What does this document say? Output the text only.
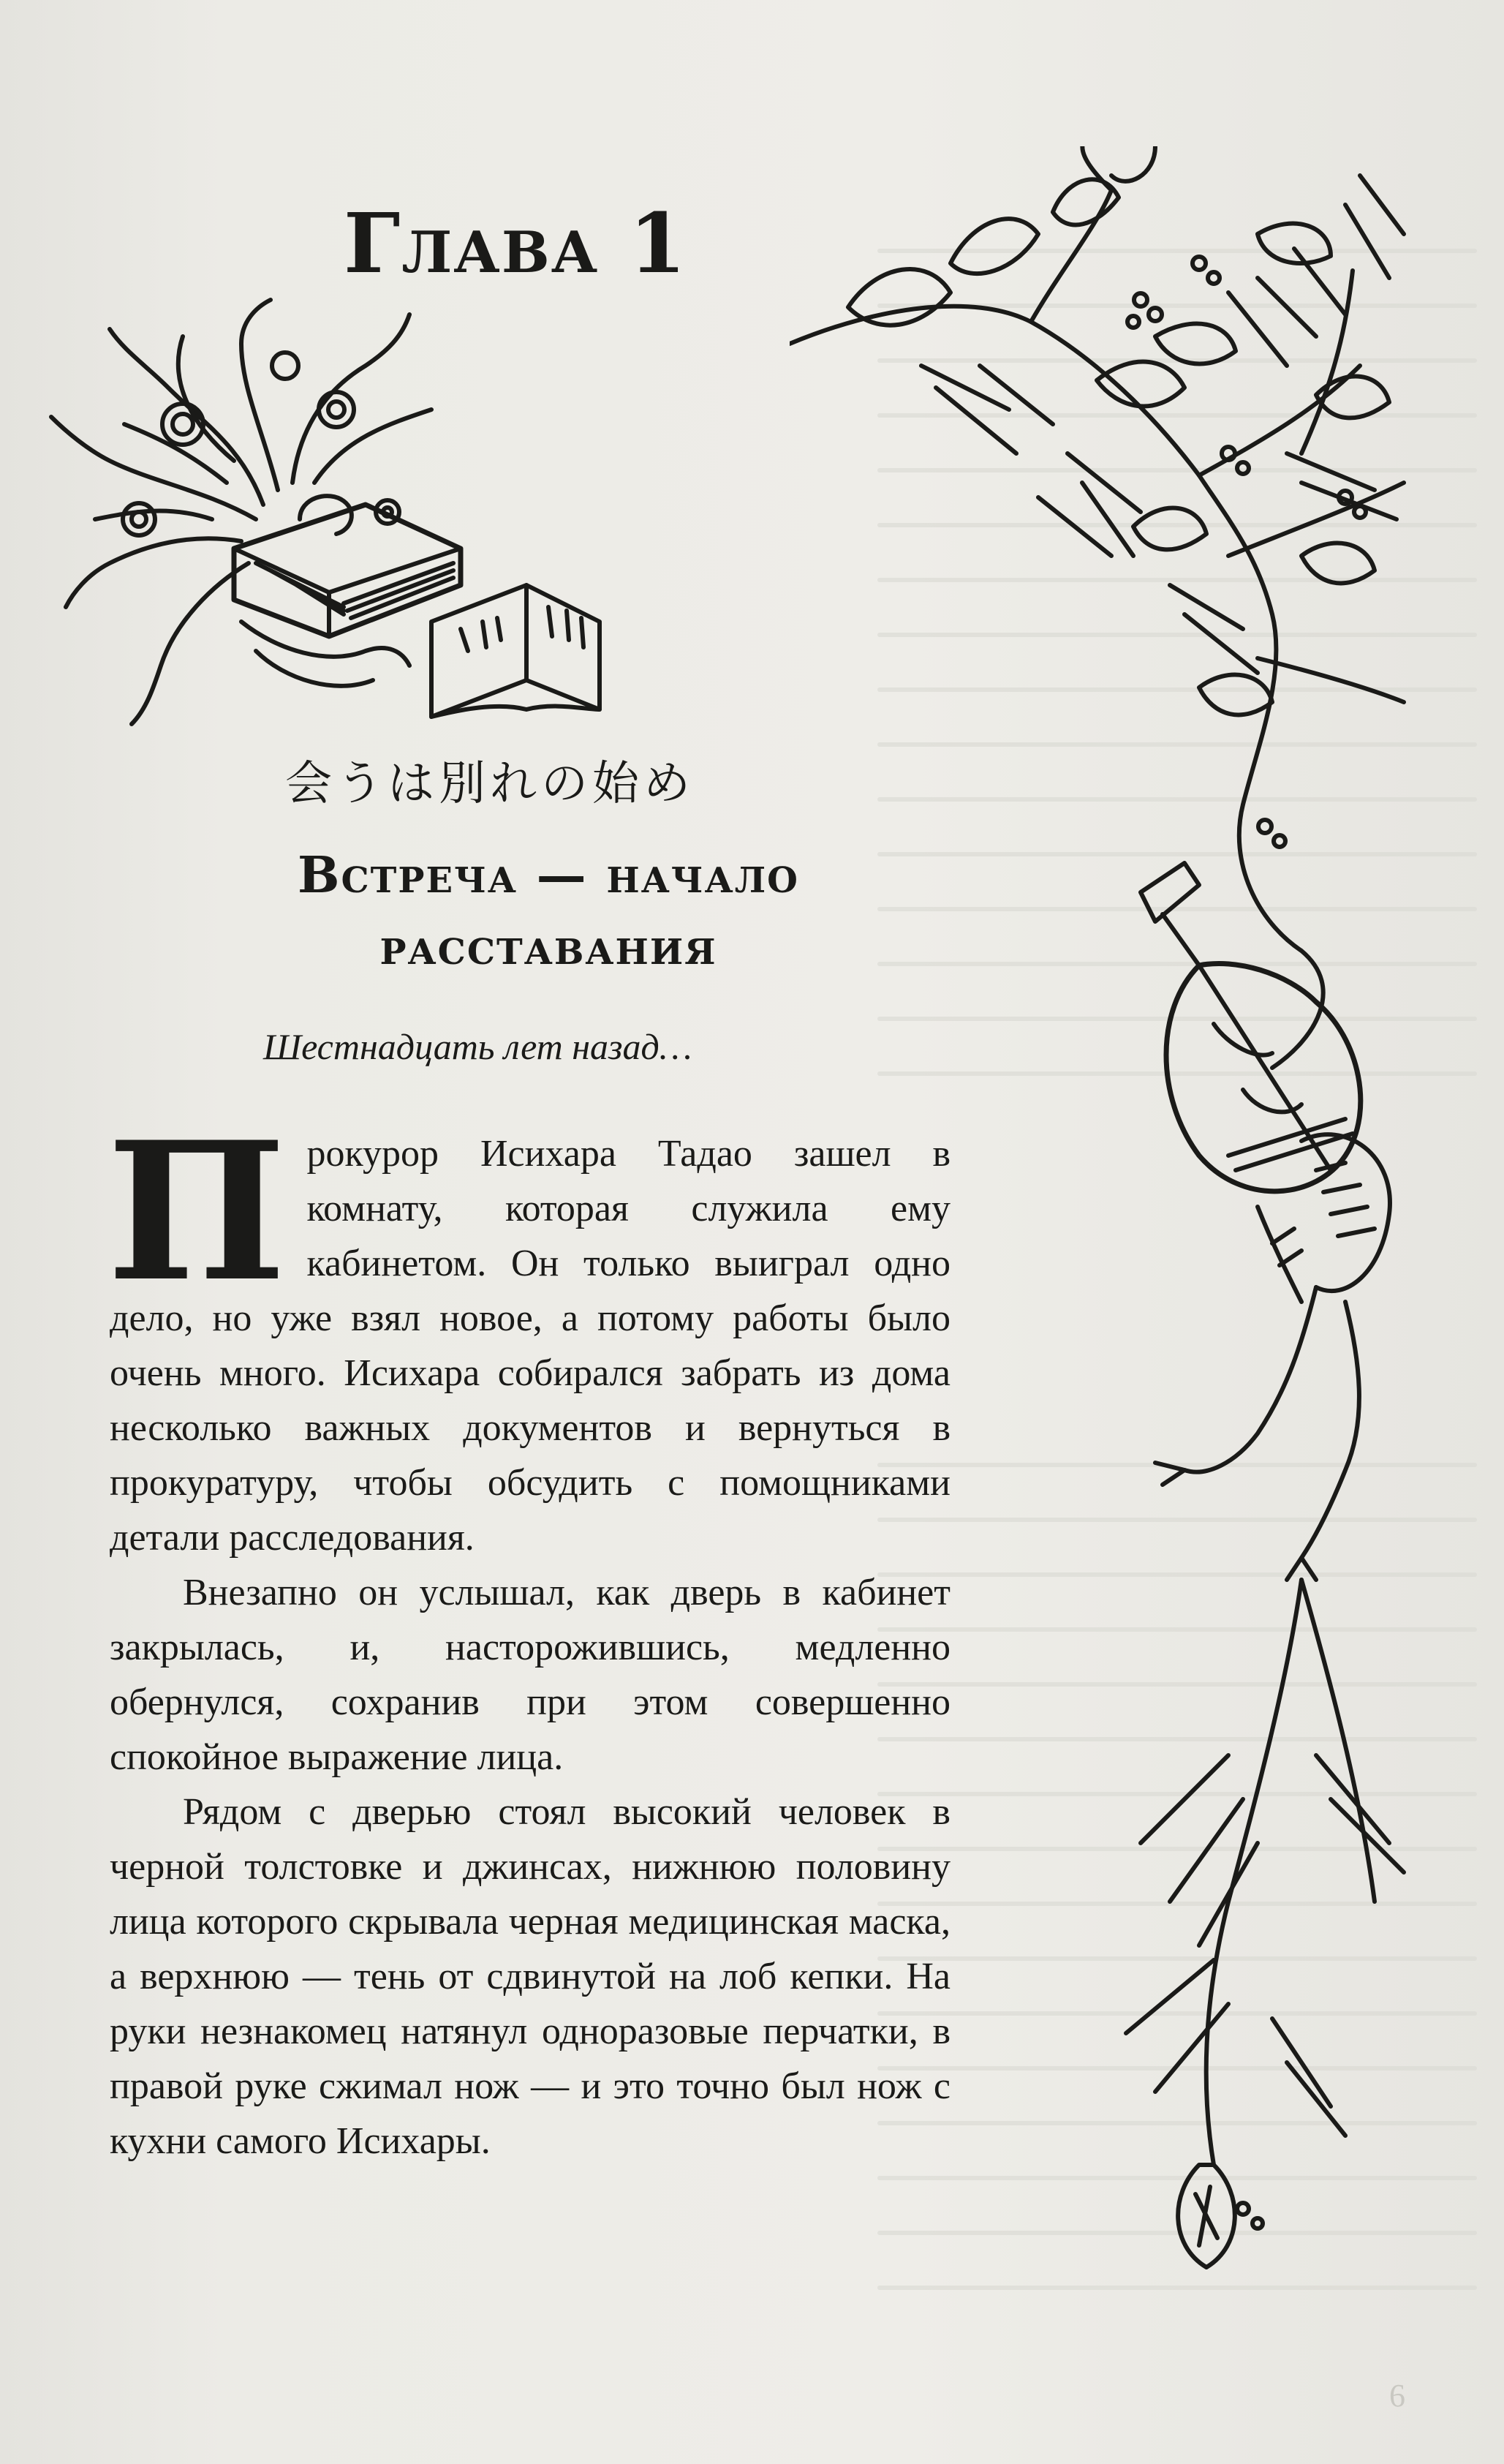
Глава 1
会うは別れの始め
Встреча — начало
расставания
Шестнадцать лет назад…

Прокурор Исихара Тадао зашел в комнату, которая служила ему кабинетом. Он только выиграл одно дело, но уже взял новое, а потому работы было очень много. Исихара собирался забрать из дома несколько важных документов и вернуться в прокуратуру, чтобы обсудить с помощниками детали расследования.

Внезапно он услышал, как дверь в кабинет закрылась, и, насторожившись, медленно обернулся, сохранив при этом совершенно спокойное выражение лица.

Рядом с дверью стоял высокий человек в черной толстовке и джинсах, нижнюю половину лица которого скрывала черная медицинская маска, а верхнюю — тень от сдвинутой на лоб кепки. На руки незнакомец натянул одноразовые перчатки, в правой руке сжимал нож — и это точно был нож с кухни самого Исихары.

6
